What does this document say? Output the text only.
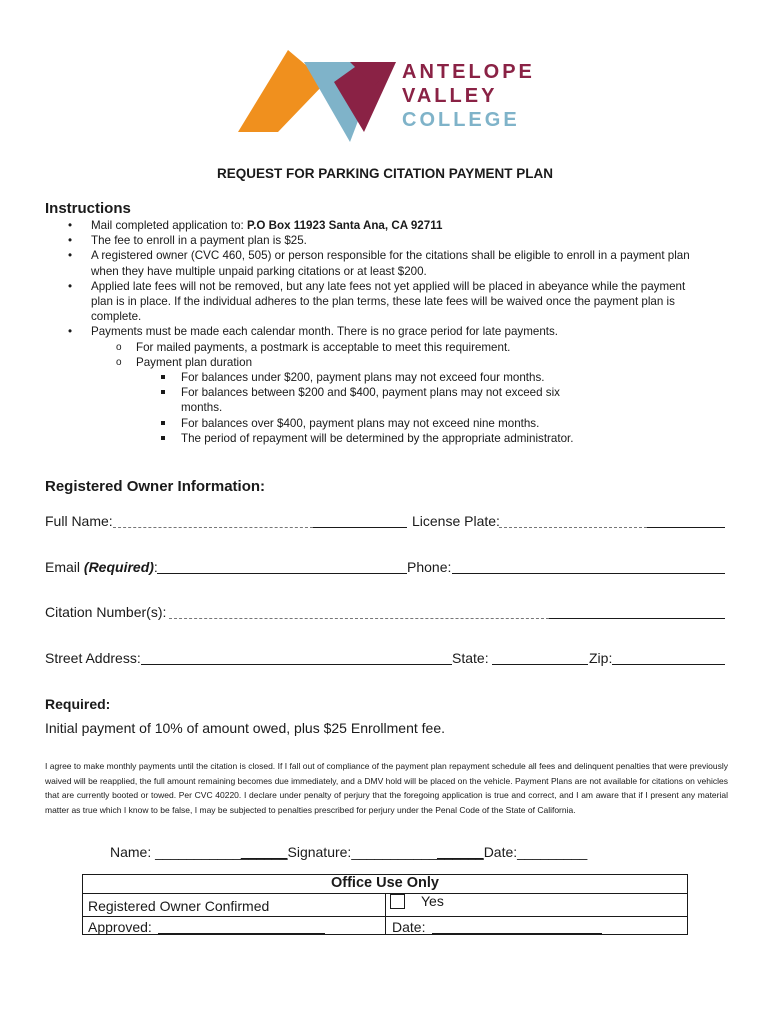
ANTELOPE
VALLEY
COLLEGE
REQUEST FOR PARKING CITATION PAYMENT PLAN
Instructions
• Mail completed application to: P.O Box 11923 Santa Ana, CA 92711
• The fee to enroll in a payment plan is $25.
• A registered owner (CVC 460, 505) or person responsible for the citations shall be eligible to enroll in a payment plan when they have multiple unpaid parking citations or at least $200.
• Applied late fees will not be removed, but any late fees not yet applied will be placed in abeyance while the payment plan is in place. If the individual adheres to the plan terms, these late fees will be waived once the payment plan is complete.
• Payments must be made each calendar month. There is no grace period for late payments.
o For mailed payments, a postmark is acceptable to meet this requirement.
o Payment plan duration
For balances under $200, payment plans may not exceed four months.
For balances between $200 and $400, payment plans may not exceed six months.
For balances over $400, payment plans may not exceed nine months.
The period of repayment will be determined by the appropriate administrator.
Registered Owner Information:
Full Name:	License Plate:
Email (Required):	Phone:
Citation Number(s):
Street Address:	State:	Zip:
Required:
Initial payment of 10% of amount owed, plus $25 Enrollment fee.
I agree to make monthly payments until the citation is closed. If I fall out of compliance of the payment plan repayment schedule all fees and delinquent penalties that were previously waived will be reapplied, the full amount remaining becomes due immediately, and a DMV hold will be placed on the vehicle. Payment Plans are not available for citations on vehicles that are currently booted or towed. Per CVC 40220. I declare under penalty of perjury that the foregoing application is true and correct, and I am aware that if I present any material matter as true which I know to be false, I may be subjected to penalties prescribed for perjury under the Penal Code of the State of California.
Name: _________________Signature:_________________Date:_________
Office Use Only
Registered Owner Confirmed	Yes
Approved:	Date:
